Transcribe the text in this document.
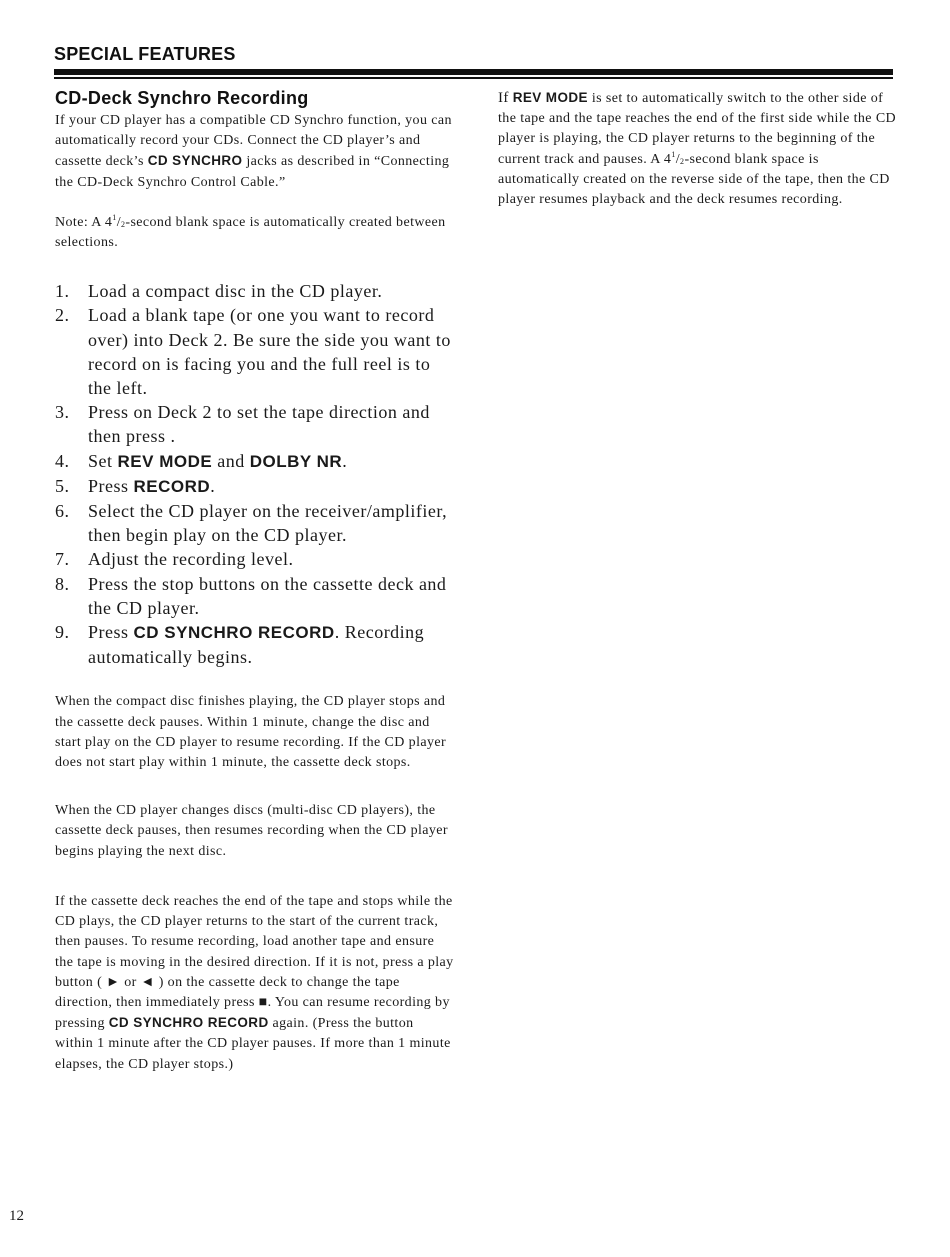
SPECIAL FEATURES
CD-Deck Synchro Recording

If your CD player has a compatible CD Synchro function, you can automatically record your CDs. Connect the CD player’s and cassette deck’s CD SYNCHRO jacks as described in “Connecting the CD-Deck Synchro Control Cable.”

Note: A $4^1/_2$-second blank space is automatically created between selections.

1. Load a compact disc in the CD player.
2. Load a blank tape (or one you want to record over) into Deck 2. Be sure the side you want to record on is facing you and the full reel is to the left.
3. Press on Deck 2 to set the tape direction and then press .
4. Set REV MODE and DOLBY NR.
5. Press RECORD.
6. Select the CD player on the receiver/amplifier, then begin play on the CD player.
7. Adjust the recording level.
8. Press the stop buttons on the cassette deck and the CD player.
9. Press CD SYNCHRO RECORD. Recording automatically begins.

When the compact disc finishes playing, the CD player stops and the cassette deck pauses. Within 1 minute, change the disc and start play on the CD player to resume recording. If the CD player does not start play within 1 minute, the cassette deck stops.

When the CD player changes discs (multi-disc CD players), the cassette deck pauses, then resumes recording when the CD player begins playing the next disc.

If the cassette deck reaches the end of the tape and stops while the CD plays, the CD player returns to the start of the current track, then pauses. To resume recording, load another tape and ensure the tape is moving in the desired direction. If it is not, press a play button ( ► or ◄ ) on the cassette deck to change the tape direction, then immediately press ■. You can resume recording by pressing CD SYNCHRO RECORD again. (Press the button within 1 minute after the CD player pauses. If more than 1 minute elapses, the CD player stops.)

If REV MODE is set to automatically switch to the other side of the tape and the tape reaches the end of the first side while the CD player is playing, the CD player returns to the beginning of the current track and pauses. A $4^1/_2$-second blank space is automatically created on the reverse side of the tape, then the CD player resumes playback and the deck resumes recording.

12
